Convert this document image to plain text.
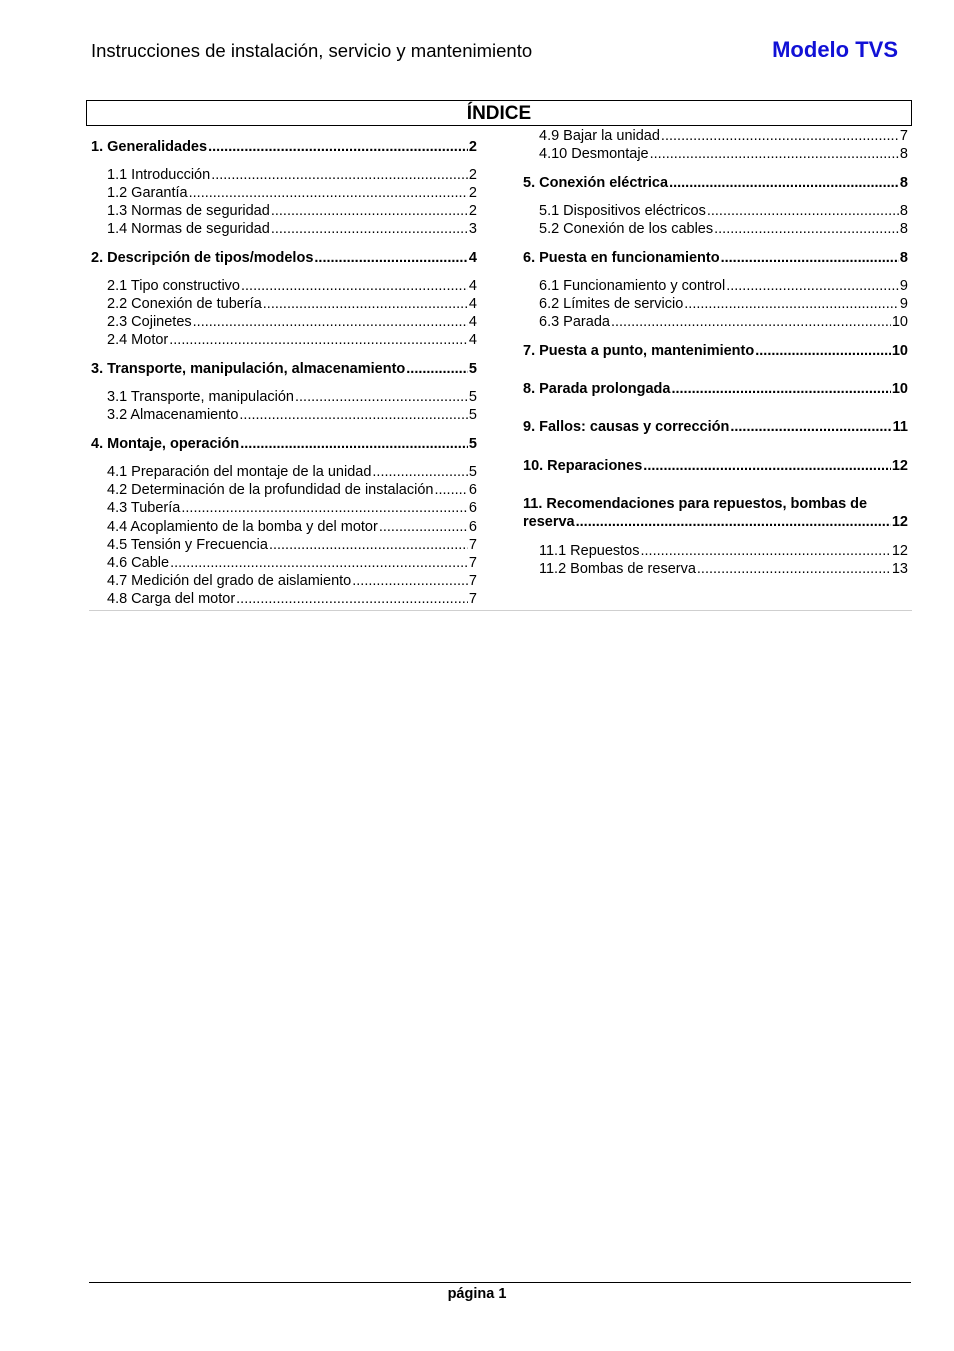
Instrucciones de instalación, servicio y mantenimiento	Modelo TVS
ÍNDICE
1. Generalidades .....	2
1.1 Introducción .....	2
1.2 Garantía .....	2
1.3 Normas de seguridad .....	2
1.4 Normas de seguridad .....	3
2. Descripción de tipos/modelos .....	4
2.1 Tipo constructivo .....	4
2.2 Conexión de tubería .....	4
2.3 Cojinetes .....	4
2.4 Motor .....	4
3. Transporte, manipulación, almacenamiento .....	5
3.1 Transporte, manipulación .....	5
3.2 Almacenamiento .....	5
4. Montaje, operación .....	5
4.1 Preparación del montaje de la unidad .....	5
4.2 Determinación de la profundidad de instalación ..... 6
4.3 Tubería .....	6
4.4 Acoplamiento de la bomba y del motor .....	6
4.5 Tensión y Frecuencia .....	7
4.6 Cable .....	7
4.7 Medición del grado de aislamiento .....	7
4.8 Carga del motor .....	7
4.9 Bajar la unidad .....	7
4.10 Desmontaje .....	8
5. Conexión eléctrica .....	8
5.1 Dispositivos eléctricos .....	8
5.2 Conexión de los cables .....	8
6. Puesta en funcionamiento .....	8
6.1 Funcionamiento y control .....	9
6.2 Límites de servicio .....	9
6.3 Parada .....	10
7. Puesta a punto, mantenimiento .....	10
8. Parada prolongada .....	10
9. Fallos: causas y corrección .....	11
10. Reparaciones .....	12
11. Recomendaciones para repuestos, bombas de
reserva .....	12
11.1 Repuestos .....	12
11.2 Bombas de reserva .....	13
página 1
